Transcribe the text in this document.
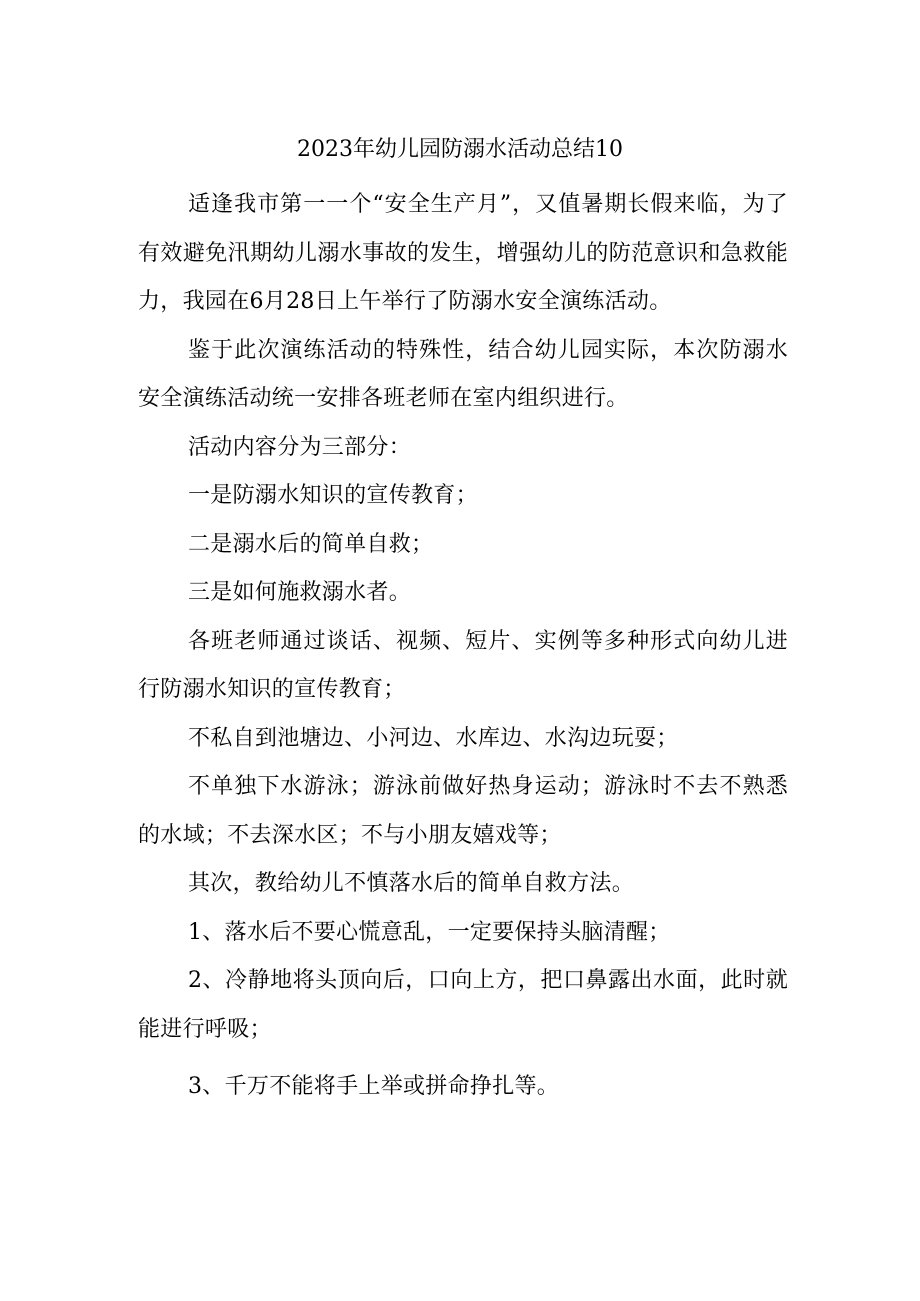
2023年幼儿园防溺水活动总结10

适逢我市第一一个“安全生产月”，又值暑期长假来临，为了有效避免汛期幼儿溺水事故的发生，增强幼儿的防范意识和急救能力，我园在6月28日上午举行了防溺水安全演练活动。

鉴于此次演练活动的特殊性，结合幼儿园实际，本次防溺水安全演练活动统一安排各班老师在室内组织进行。

活动内容分为三部分：

一是防溺水知识的宣传教育；

二是溺水后的简单自救；

三是如何施救溺水者。

各班老师通过谈话、视频、短片、实例等多种形式向幼儿进行防溺水知识的宣传教育；

不私自到池塘边、小河边、水库边、水沟边玩耍；

不单独下水游泳；游泳前做好热身运动；游泳时不去不熟悉的水域；不去深水区；不与小朋友嬉戏等；

其次，教给幼儿不慎落水后的简单自救方法。

1、落水后不要心慌意乱，一定要保持头脑清醒；

2、冷静地将头顶向后，口向上方，把口鼻露出水面，此时就能进行呼吸；

3、千万不能将手上举或拼命挣扎等。
